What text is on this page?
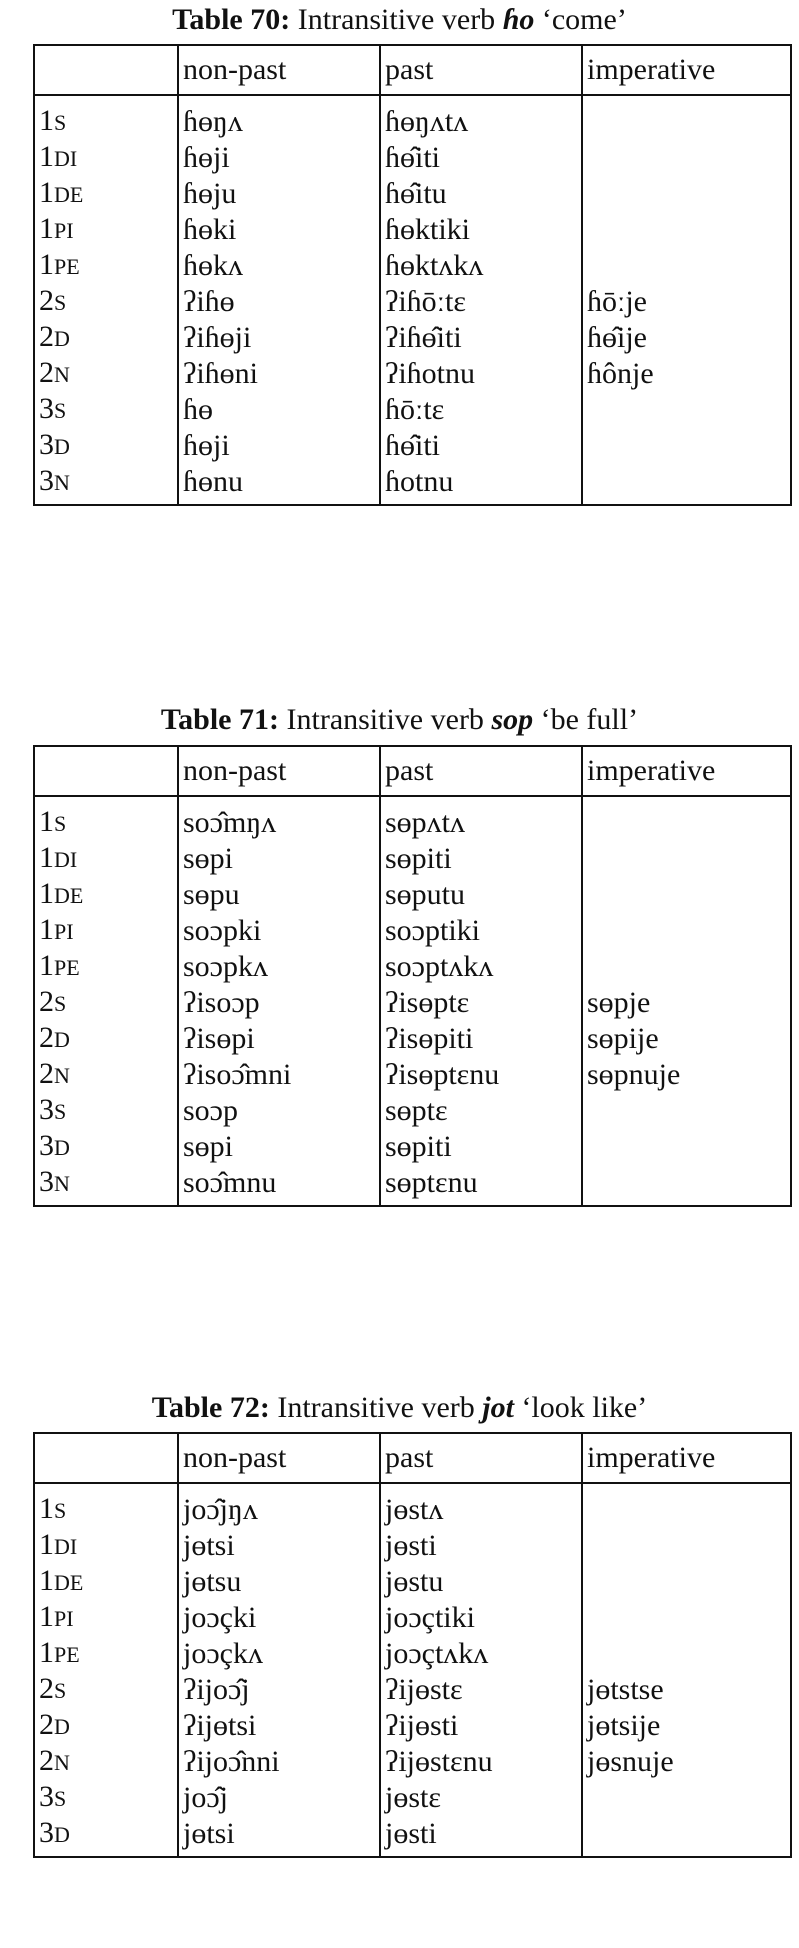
Table 70: Intransitive verb ɦo ‘come’
	non-past	past	imperative
1S	ɦɵŋʌ	ɦɵŋʌtʌ	
1DI	ɦɵji	ɦɵ̂iti	
1DE	ɦɵju	ɦɵ̂itu	
1PI	ɦɵki	ɦɵktiki	
1PE	ɦɵkʌ	ɦɵktʌkʌ	
2S	ʔiɦɵ	ʔiɦōːtɛ	ɦōːje
2D	ʔiɦɵji	ʔiɦɵ̂iti	ɦɵ̂ije
2N	ʔiɦɵni	ʔiɦotnu	ɦônje
3S	ɦɵ	ɦōːtɛ	
3D	ɦɵji	ɦɵ̂iti	
3N	ɦɵnu	ɦotnu	
Table 71: Intransitive verb sop ‘be full’
	non-past	past	imperative
1S	soɔ̂mŋʌ	sɵpʌtʌ	
1DI	sɵpi	sɵpiti	
1DE	sɵpu	sɵputu	
1PI	soɔpki	soɔptiki	
1PE	soɔpkʌ	soɔptʌkʌ	
2S	ʔisoɔp	ʔisɵptɛ	sɵpje
2D	ʔisɵpi	ʔisɵpiti	sɵpije
2N	ʔisoɔ̂mni	ʔisɵptɛnu	sɵpnuje
3S	soɔp	sɵptɛ	
3D	sɵpi	sɵpiti	
3N	soɔ̂mnu	sɵptɛnu	
Table 72: Intransitive verb jot ‘look like’
	non-past	past	imperative
1S	joɔ̂jŋʌ	jɵstʌ	
1DI	jɵtsi	jɵsti	
1DE	jɵtsu	jɵstu	
1PI	joɔçki	joɔçtiki	
1PE	joɔçkʌ	joɔçtʌkʌ	
2S	ʔijoɔ̂j	ʔijɵstɛ	jɵtstse
2D	ʔijɵtsi	ʔijɵsti	jɵtsije
2N	ʔijoɔ̂nni	ʔijɵstɛnu	jɵsnuje
3S	joɔ̂j	jɵstɛ	
3D	jɵtsi	jɵsti	
